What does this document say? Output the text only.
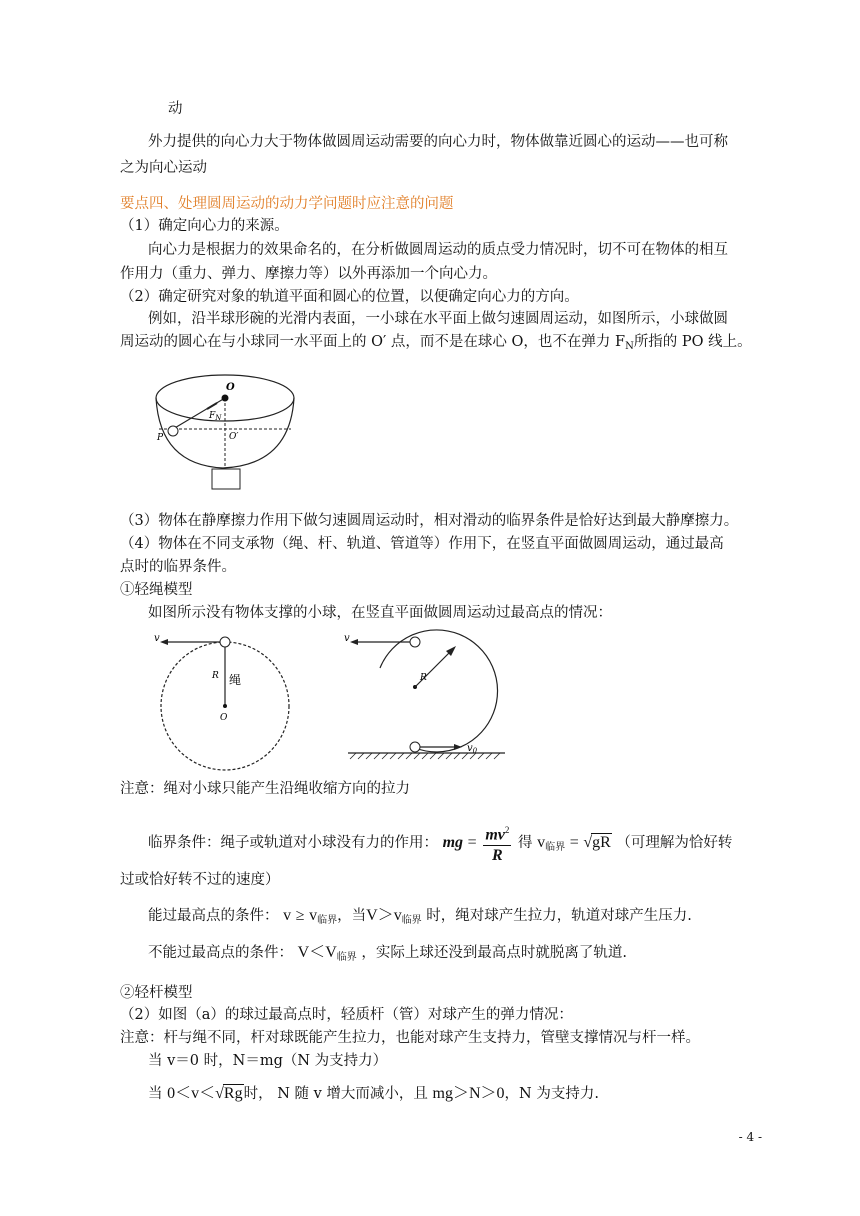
动
外力提供的向心力大于物体做圆周运动需要的向心力时，物体做靠近圆心的运动——也可称
之为向心运动
要点四、处理圆周运动的动力学问题时应注意的问题
（1）确定向心力的来源。
向心力是根据力的效果命名的，在分析做圆周运动的质点受力情况时，切不可在物体的相互
作用力（重力、弹力、摩擦力等）以外再添加一个向心力。
（2）确定研究对象的轨道平面和圆心的位置，以便确定向心力的方向。
例如，沿半球形碗的光滑内表面，一小球在水平面上做匀速圆周运动，如图所示，小球做圆
周运动的圆心在与小球同一水平面上的 O′ 点，而不是在球心 O，也不在弹力 $F_N$所指的 PO 线上。
O
$F_N$
P	O′
（3）物体在静摩擦力作用下做匀速圆周运动时，相对滑动的临界条件是恰好达到最大静摩擦力。
（4）物体在不同支承物（绳、杆、轨道、管道等）作用下，在竖直平面做圆周运动，通过最高
点时的临界条件。
①轻绳模型
如图所示没有物体支撑的小球，在竖直平面做圆周运动过最高点的情况：
v
R 绳
O
v
R
$v_0$
注意：绳对小球只能产生沿绳收缩方向的拉力
临界条件：绳子或轨道对小球没有力的作用： mg = $\frac{mv^2}{R}$ 得 $v_{临界} = √gR$ （可理解为恰好转
过或恰好转不过的速度）
能过最高点的条件： $v \ge v_{临界}$，当$V>v_{临界}$ 时，绳对球产生拉力，轨道对球产生压力.
不能过最高点的条件： $V<V_{临界}$ ，实际上球还没到最高点时就脱离了轨道.
②轻杆模型
（2）如图（a）的球过最高点时，轻质杆（管）对球产生的弹力情况：
注意：杆与绳不同，杆对球既能产生拉力，也能对球产生支持力，管壁支撑情况与杆一样。
当 v＝0 时，N＝mg（N 为支持力）
当 0＜v＜√Rg时， N 随 v 增大而减小，且 mg＞N＞0，N 为支持力.
- 4 -
